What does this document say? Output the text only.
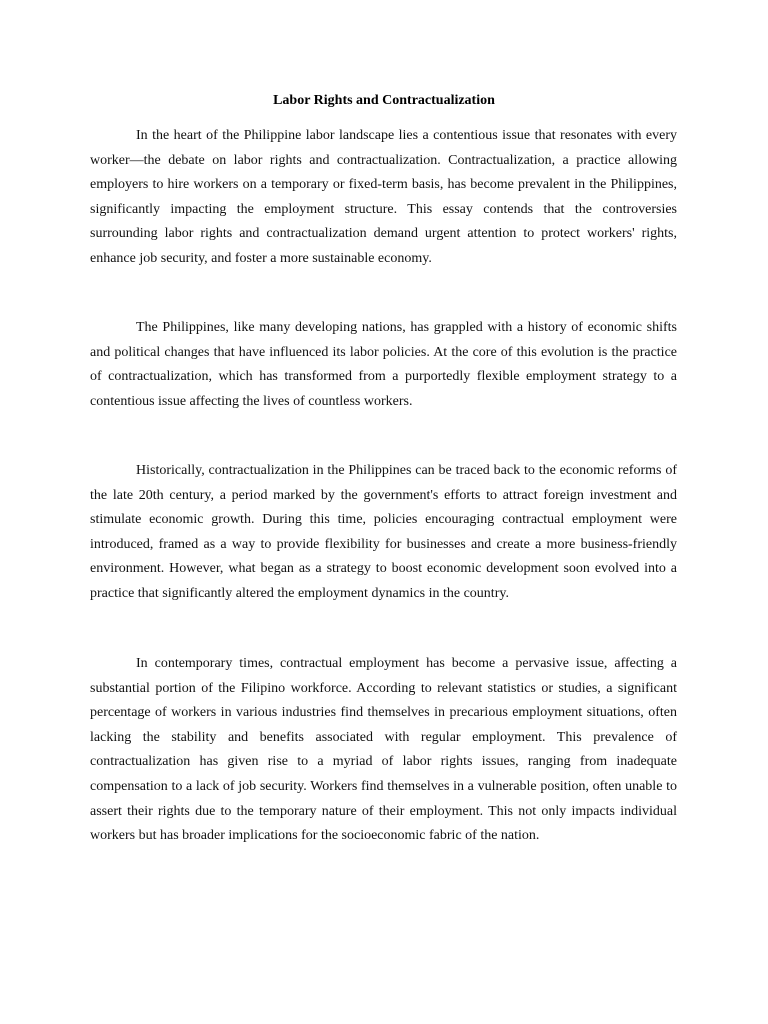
Labor Rights and Contractualization

In the heart of the Philippine labor landscape lies a contentious issue that resonates with every worker—the debate on labor rights and contractualization. Contractualization, a practice allowing employers to hire workers on a temporary or fixed-term basis, has become prevalent in the Philippines, significantly impacting the employment structure. This essay contends that the controversies surrounding labor rights and contractualization demand urgent attention to protect workers' rights, enhance job security, and foster a more sustainable economy.

The Philippines, like many developing nations, has grappled with a history of economic shifts and political changes that have influenced its labor policies. At the core of this evolution is the practice of contractualization, which has transformed from a purportedly flexible employment strategy to a contentious issue affecting the lives of countless workers.

Historically, contractualization in the Philippines can be traced back to the economic reforms of the late 20th century, a period marked by the government's efforts to attract foreign investment and stimulate economic growth. During this time, policies encouraging contractual employment were introduced, framed as a way to provide flexibility for businesses and create a more business-friendly environment. However, what began as a strategy to boost economic development soon evolved into a practice that significantly altered the employment dynamics in the country.

In contemporary times, contractual employment has become a pervasive issue, affecting a substantial portion of the Filipino workforce. According to relevant statistics or studies, a significant percentage of workers in various industries find themselves in precarious employment situations, often lacking the stability and benefits associated with regular employment. This prevalence of contractualization has given rise to a myriad of labor rights issues, ranging from inadequate compensation to a lack of job security. Workers find themselves in a vulnerable position, often unable to assert their rights due to the temporary nature of their employment. This not only impacts individual workers but has broader implications for the socioeconomic fabric of the nation.
